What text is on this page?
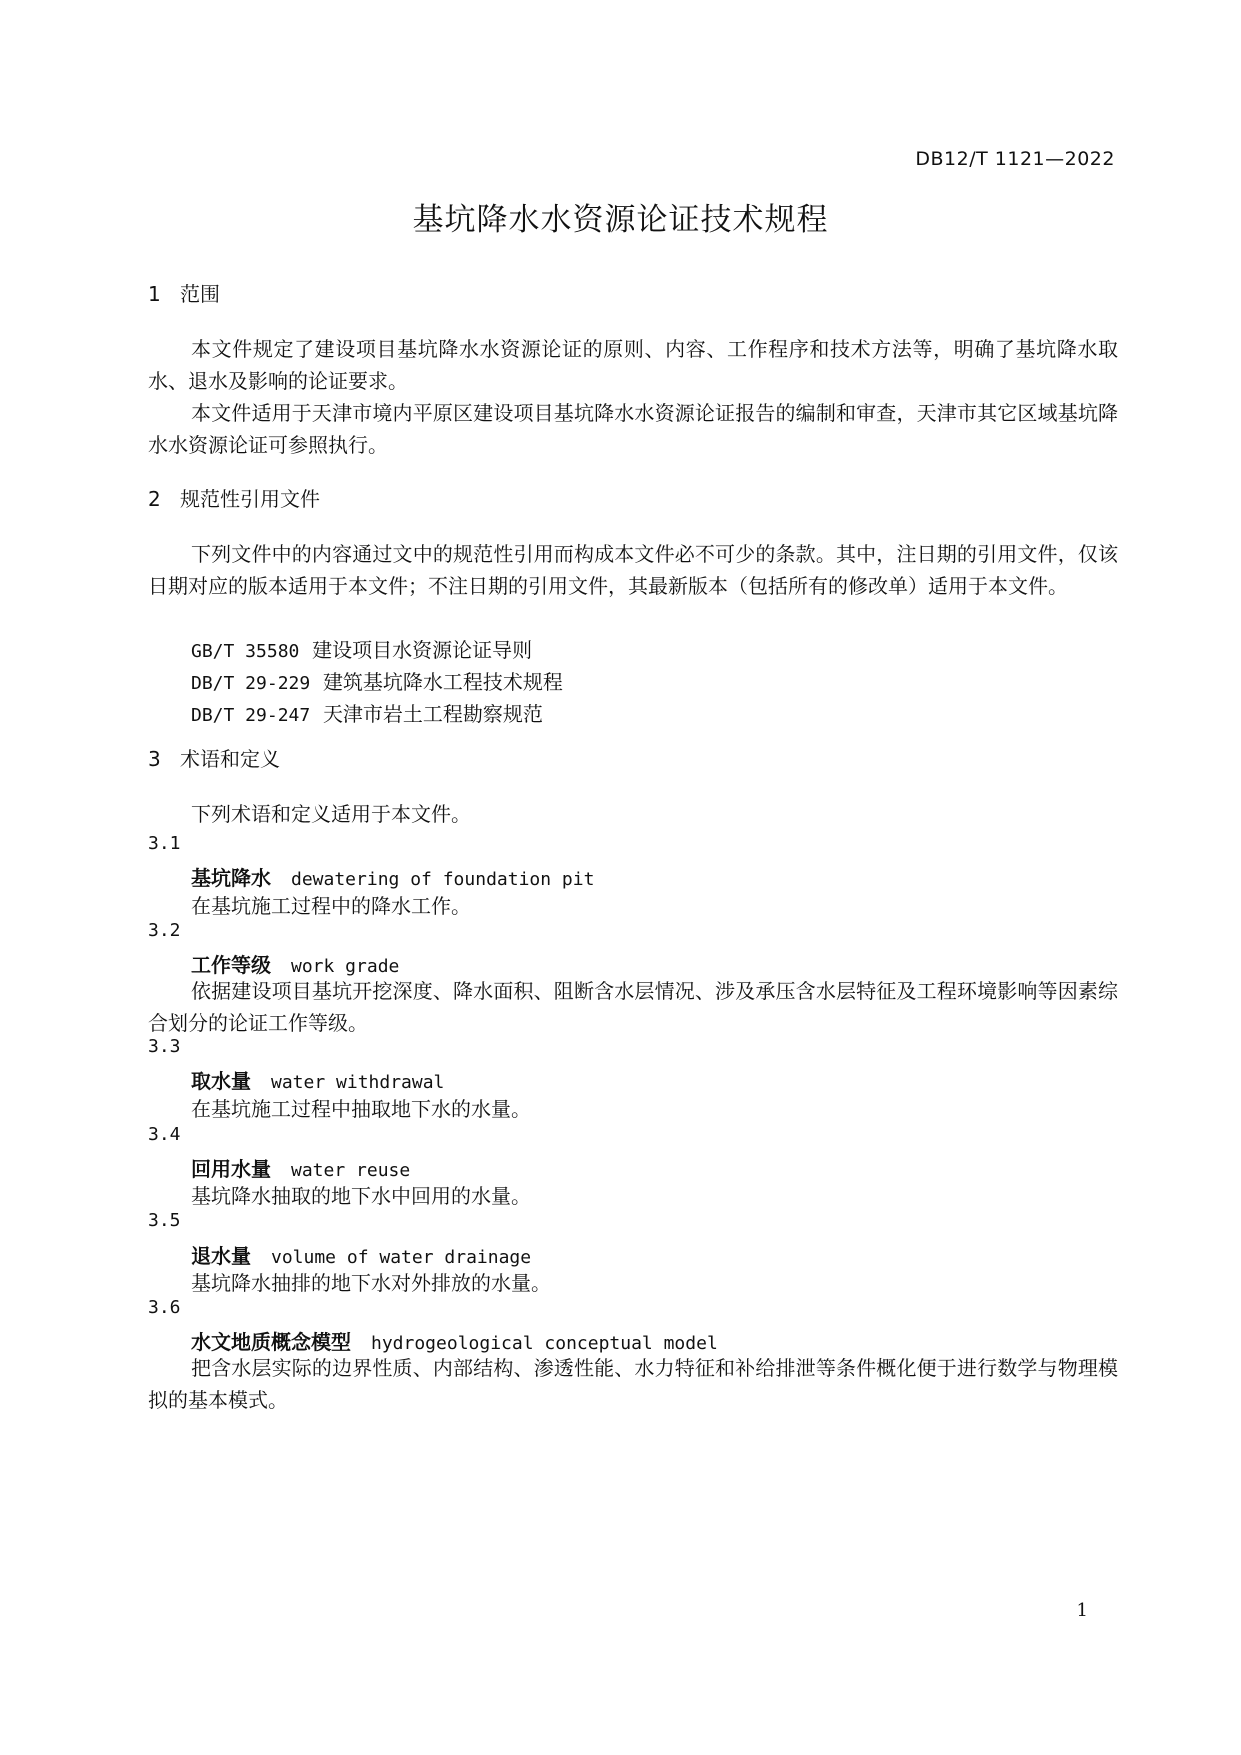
DB12/T 1121—2022
基坑降水水资源论证技术规程
1 范围
本文件规定了建设项目基坑降水水资源论证的原则、内容、工作程序和技术方法等，明确了基坑降水取水、退水及影响的论证要求。
本文件适用于天津市境内平原区建设项目基坑降水水资源论证报告的编制和审查，天津市其它区域基坑降水水资源论证可参照执行。
2 规范性引用文件
下列文件中的内容通过文中的规范性引用而构成本文件必不可少的条款。其中，注日期的引用文件，仅该日期对应的版本适用于本文件；不注日期的引用文件，其最新版本（包括所有的修改单）适用于本文件。
GB/T 35580 建设项目水资源论证导则
DB/T 29-229 建筑基坑降水工程技术规程
DB/T 29-247 天津市岩土工程勘察规范
3 术语和定义
下列术语和定义适用于本文件。
3.1
基坑降水 dewatering of foundation pit
在基坑施工过程中的降水工作。
3.2
工作等级 work grade
依据建设项目基坑开挖深度、降水面积、阻断含水层情况、涉及承压含水层特征及工程环境影响等因素综合划分的论证工作等级。
3.3
取水量 water withdrawal
在基坑施工过程中抽取地下水的水量。
3.4
回用水量 water reuse
基坑降水抽取的地下水中回用的水量。
3.5
退水量 volume of water drainage
基坑降水抽排的地下水对外排放的水量。
3.6
水文地质概念模型 hydrogeological conceptual model
把含水层实际的边界性质、内部结构、渗透性能、水力特征和补给排泄等条件概化便于进行数学与物理模拟的基本模式。
1
